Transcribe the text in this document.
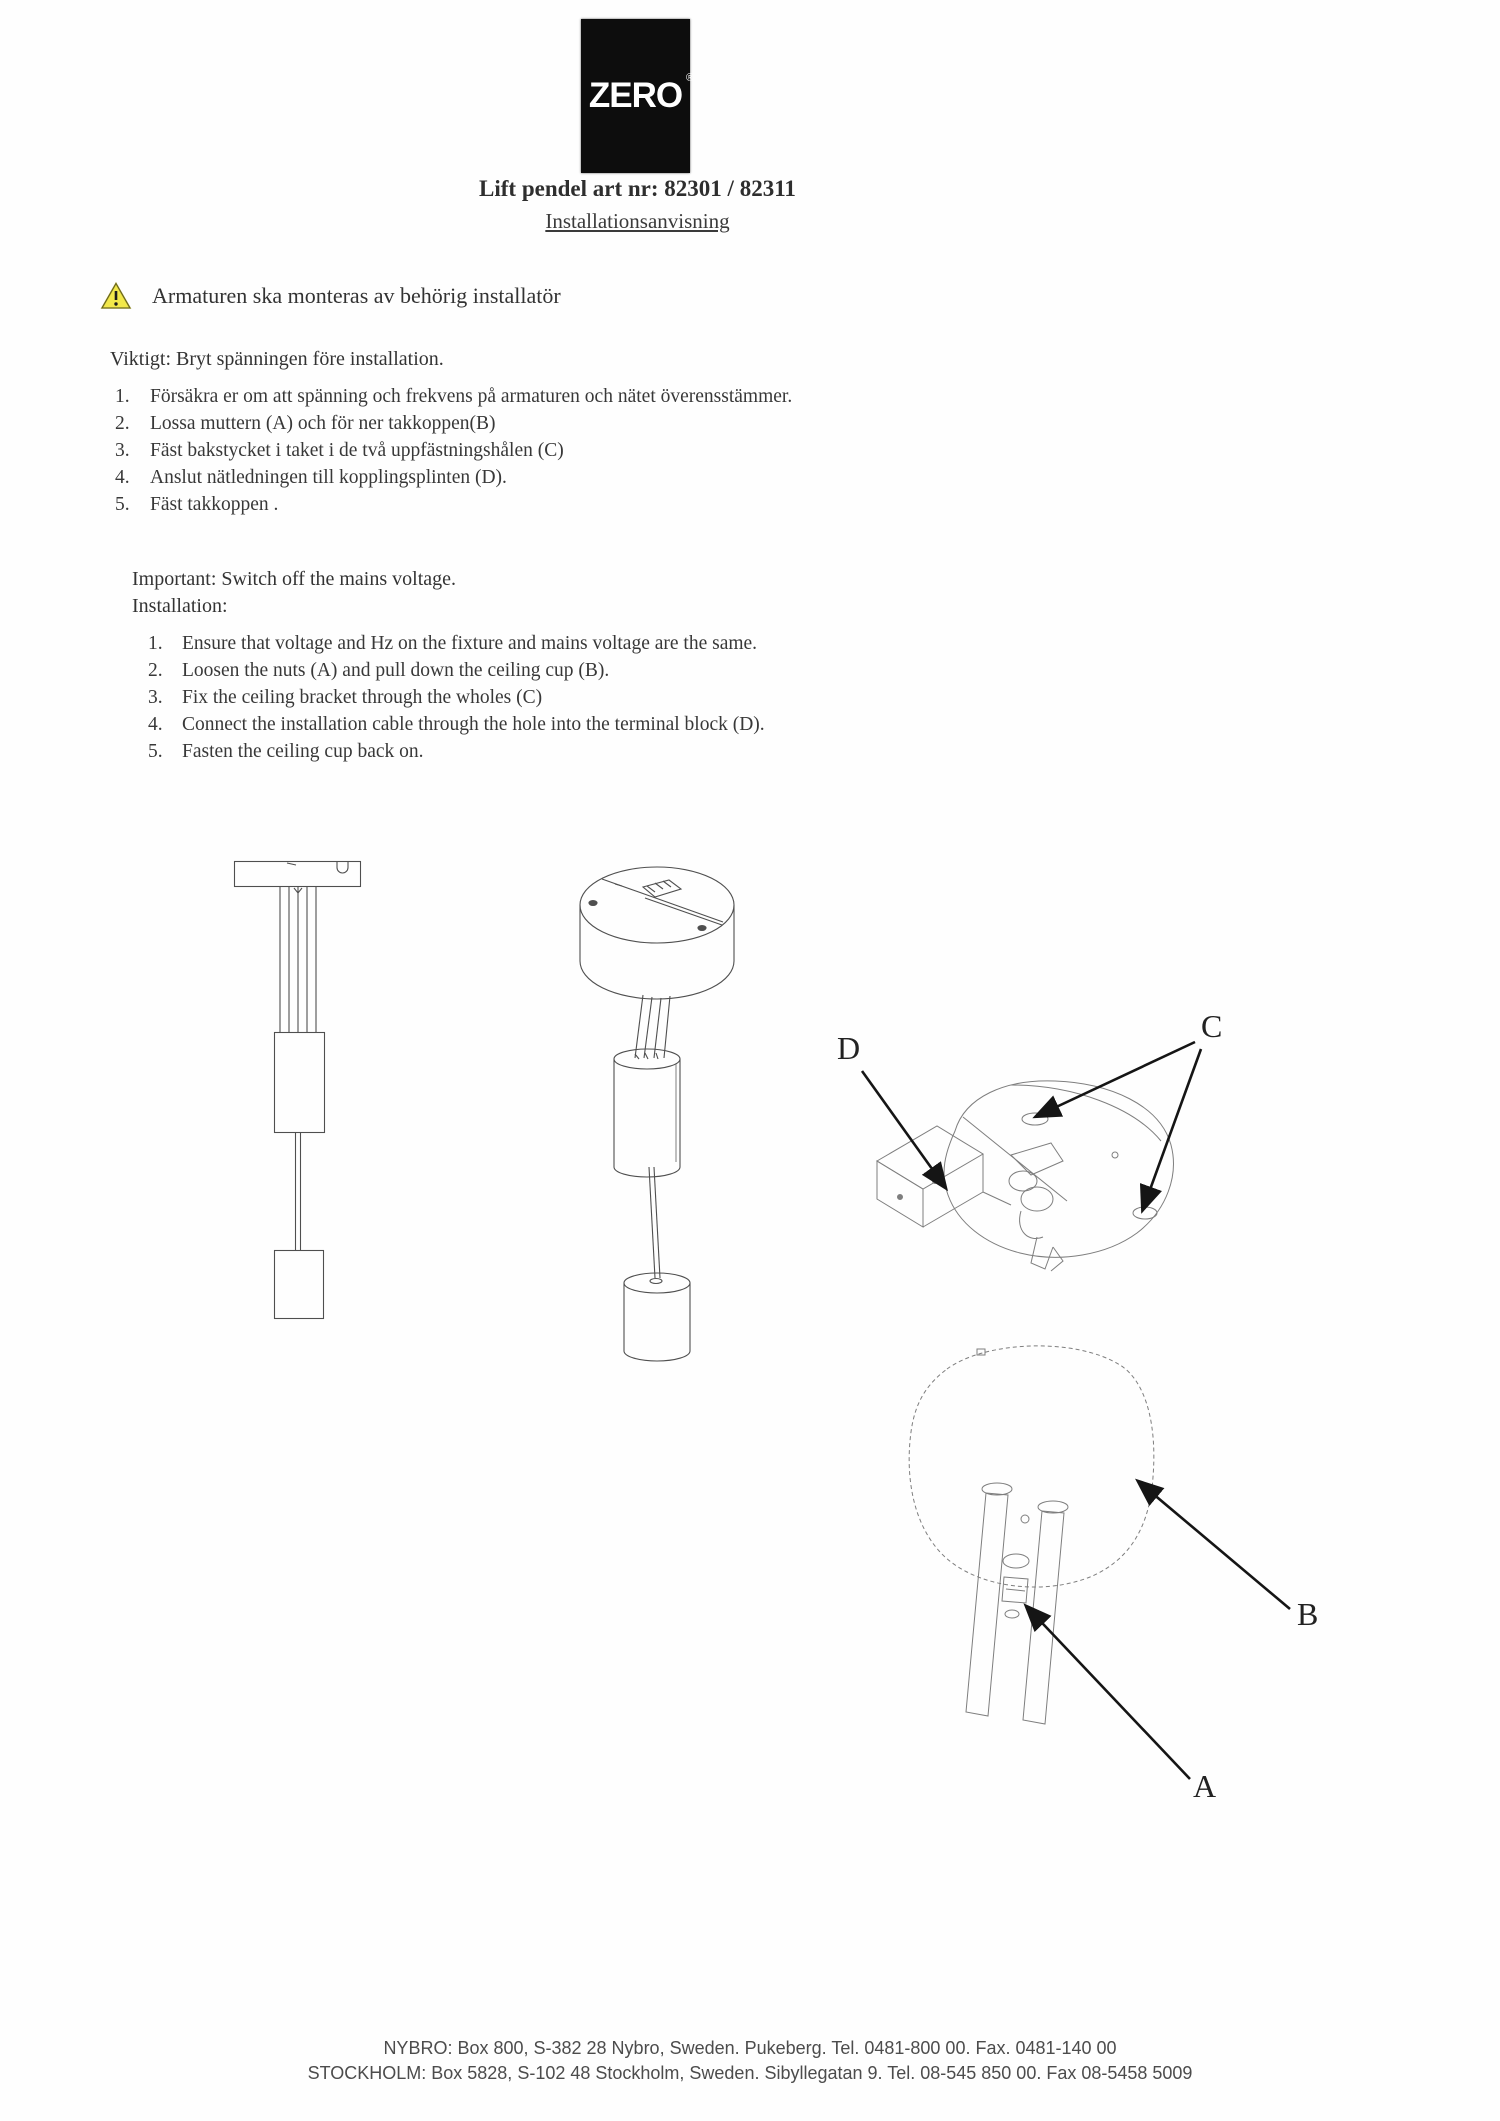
ZERO ®
Lift pendel art nr: 82301 / 82311
Installationsanvisning
Armaturen ska monteras av behörig installatör
Viktigt: Bryt spänningen före installation.
1.	Försäkra er om att spänning och frekvens på armaturen och nätet överensstämmer.
2.	Lossa muttern (A) och för ner takkoppen(B)
3.	Fäst bakstycket i taket i de två uppfästningshålen (C)
4.	Anslut nätledningen till kopplingsplinten (D).
5.	Fäst takkoppen .
Important: Switch off the mains voltage.
Installation:
1. Ensure that voltage and Hz on the fixture and mains voltage are the same.
2. Loosen the nuts (A) and pull down the ceiling cup (B).
3. Fix the ceiling bracket through the wholes (C)
4. Connect the installation cable through the hole into the terminal block (D).
5. Fasten the ceiling cup back on.
D
C
B
A
NYBRO: Box 800, S-382 28 Nybro, Sweden. Pukeberg. Tel. 0481-800 00. Fax. 0481-140 00
STOCKHOLM: Box 5828, S-102 48 Stockholm, Sweden. Sibyllegatan 9. Tel. 08-545 850 00. Fax 08-5458 5009
